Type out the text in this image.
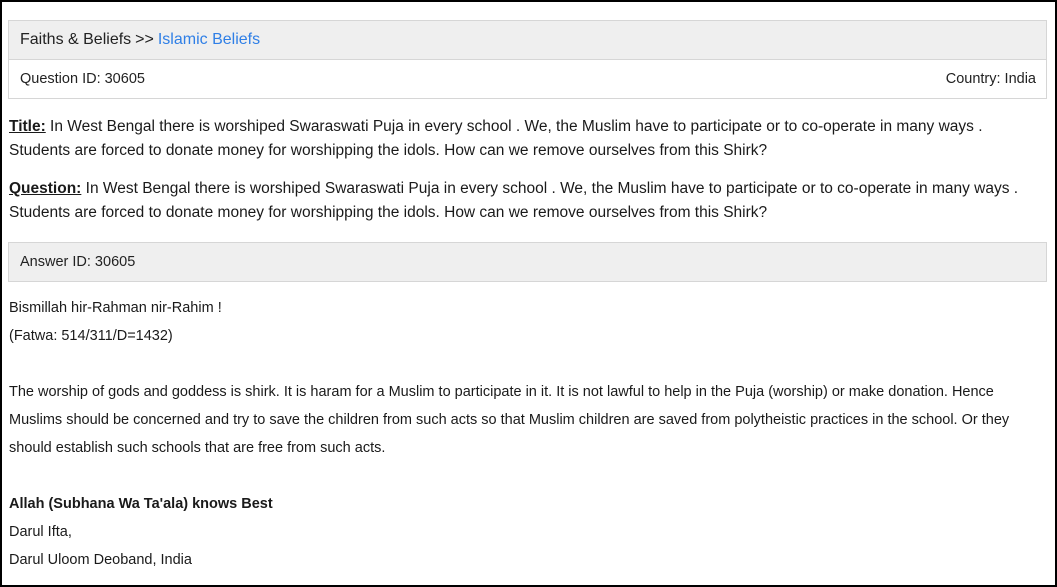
Faiths & Beliefs >> Islamic Beliefs
Question ID: 30605	Country: India

Title: In West Bengal there is worshiped Swaraswati Puja in every school . We, the Muslim have to participate or to co-operate in many ways . Students are forced to donate money for worshipping the idols. How can we remove ourselves from this Shirk?

Question: In West Bengal there is worshiped Swaraswati Puja in every school . We, the Muslim have to participate or to co-operate in many ways . Students are forced to donate money for worshipping the idols. How can we remove ourselves from this Shirk?

Answer ID: 30605
Bismillah hir-Rahman nir-Rahim !
(Fatwa: 514/311/D=1432)
The worship of gods and goddess is shirk. It is haram for a Muslim to participate in it. It is not lawful to help in the Puja (worship) or make donation. Hence Muslims should be concerned and try to save the children from such acts so that Muslim children are saved from polytheistic practices in the school. Or they should establish such schools that are free from such acts.
Allah (Subhana Wa Ta'ala) knows Best
Darul Ifta,
Darul Uloom Deoband, India
